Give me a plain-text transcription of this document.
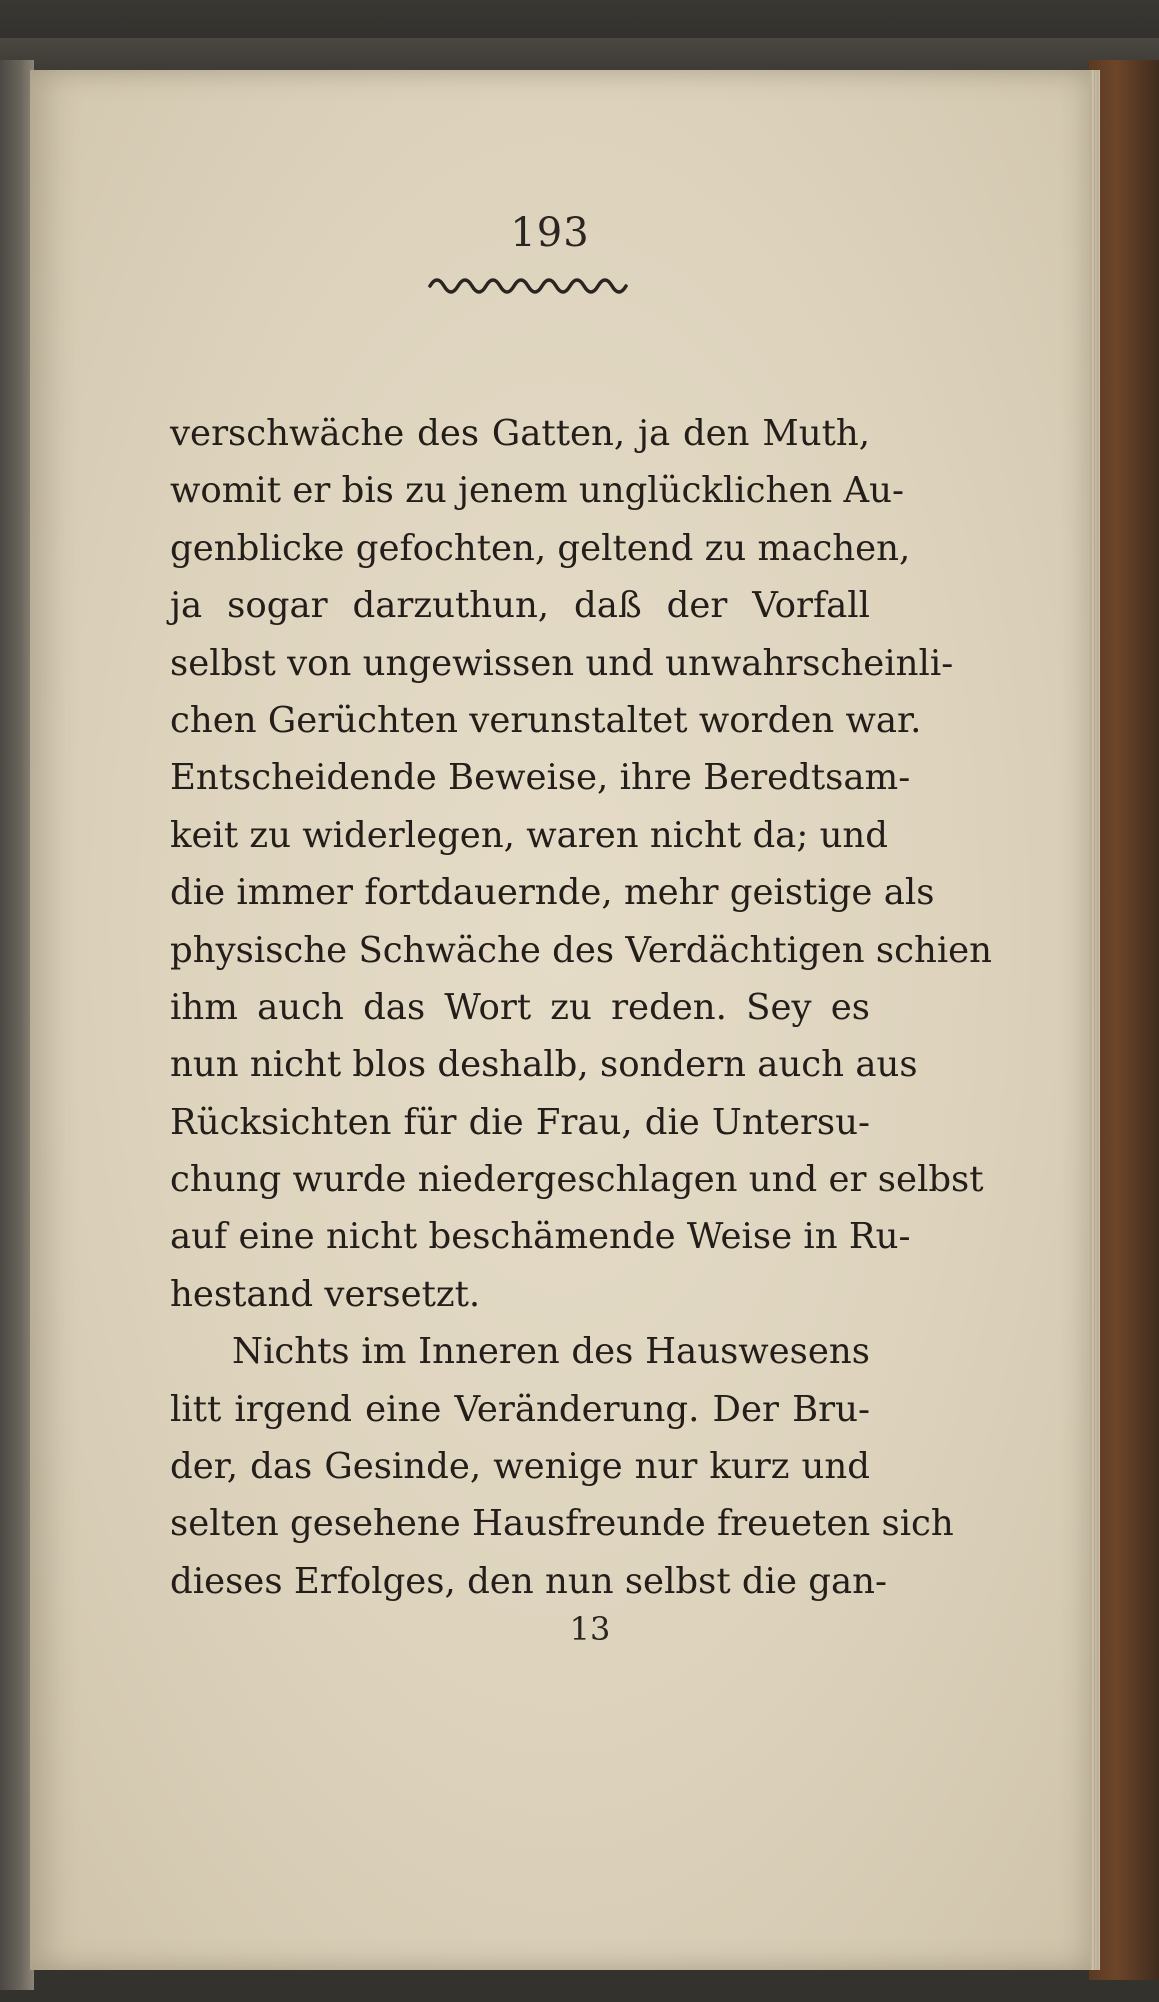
193
verschwäche des Gatten, ja den Muth,
womit er bis zu jenem unglücklichen Au-
genblicke gefochten, geltend zu machen,
ja sogar darzuthun, daß der Vorfall
selbst von ungewissen und unwahrscheinli-
chen Gerüchten verunstaltet worden war.
Entscheidende Beweise, ihre Beredtsam-
keit zu widerlegen, waren nicht da; und
die immer fortdauernde, mehr geistige als
physische Schwäche des Verdächtigen schien
ihm auch das Wort zu reden. Sey es
nun nicht blos deshalb, sondern auch aus
Rücksichten für die Frau, die Untersu-
chung wurde niedergeschlagen und er selbst
auf eine nicht beschämende Weise in Ru-
hestand versetzt.
Nichts im Inneren des Hauswesens
litt irgend eine Veränderung. Der Bru-
der, das Gesinde, wenige nur kurz und
selten gesehene Hausfreunde freueten sich
dieses Erfolges, den nun selbst die gan-
13
